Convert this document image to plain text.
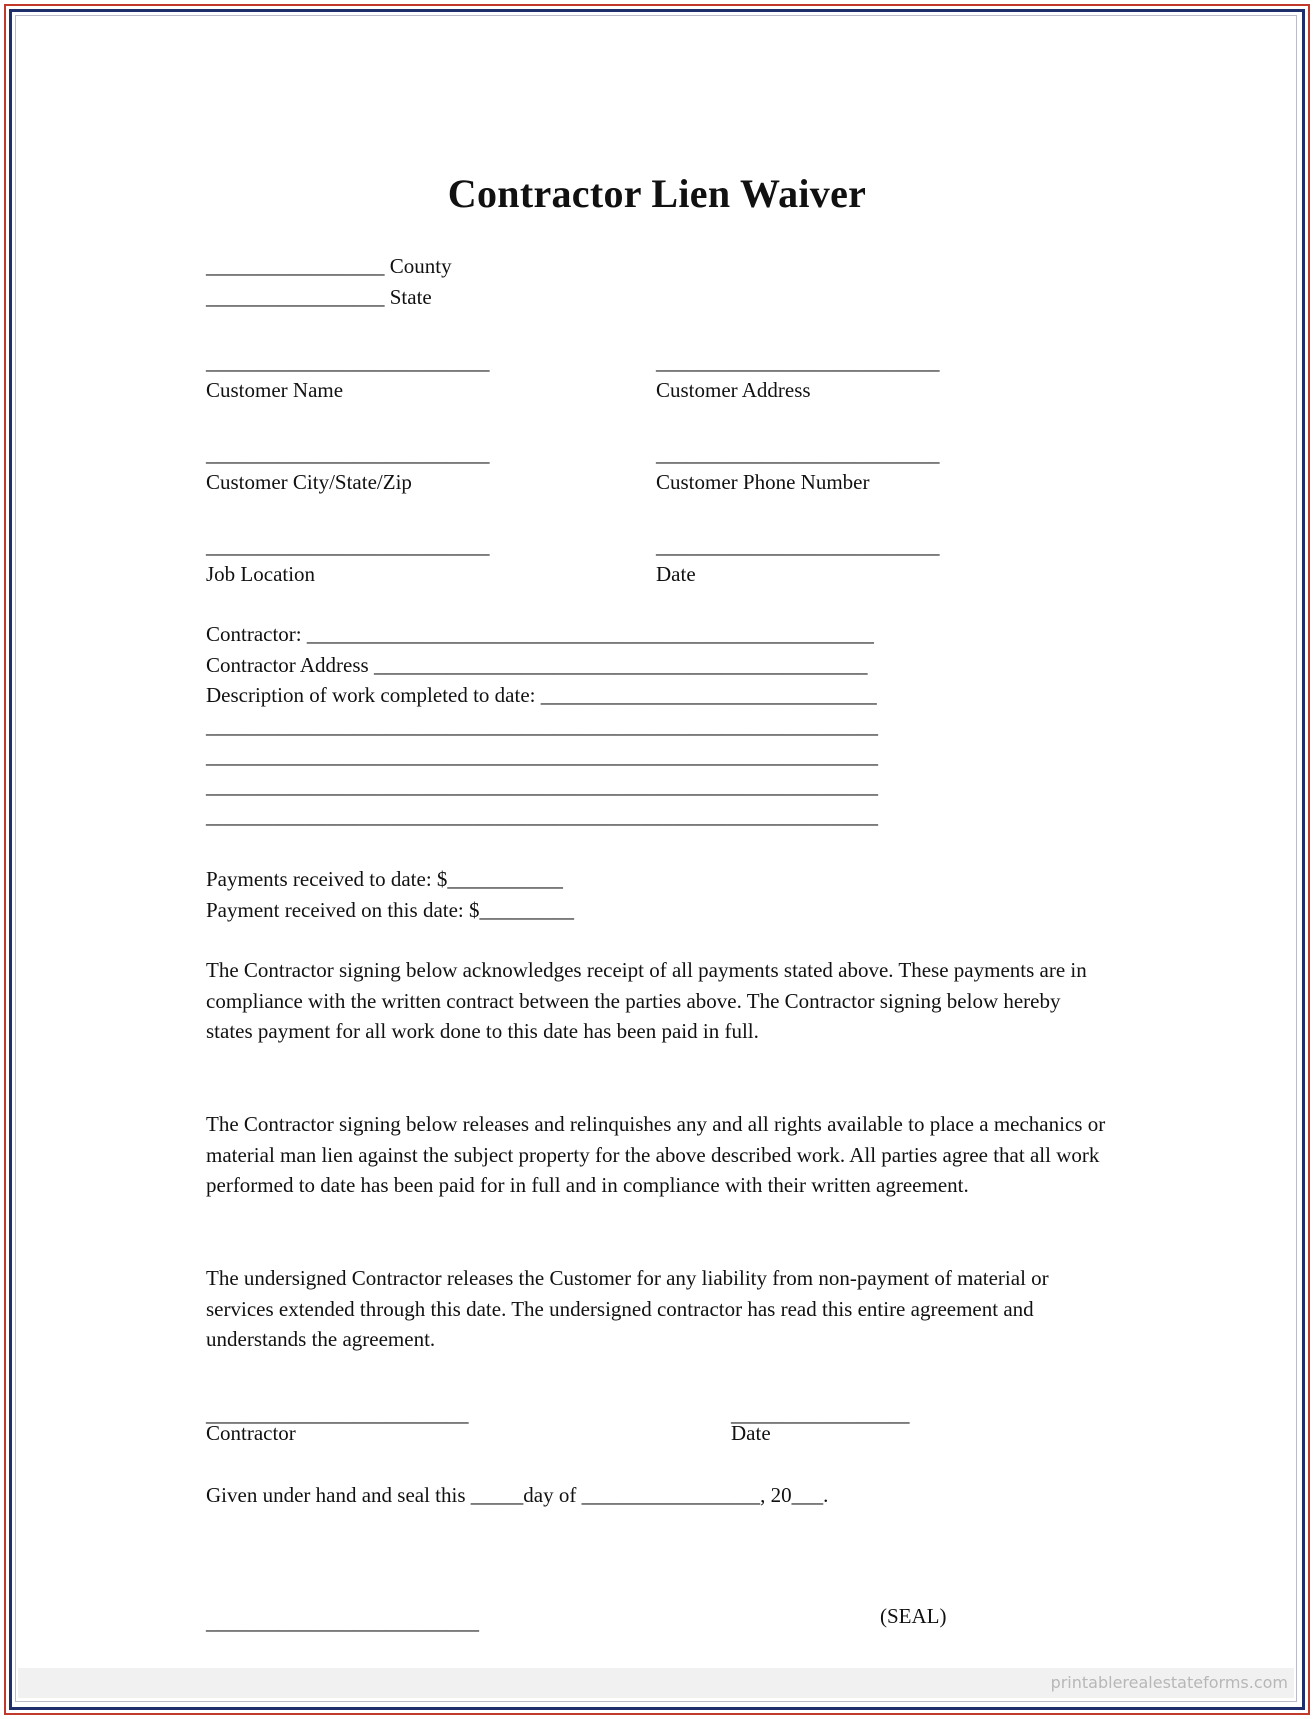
Contractor Lien Waiver
_________________ County
_________________ State
___________________________
Customer Name
___________________________
Customer Address
___________________________
Customer City/State/Zip
___________________________
Customer Phone Number
___________________________
Job Location
___________________________
Date
Contractor: ______________________________________________________
Contractor Address _______________________________________________
Description of work completed to date: ________________________________
________________________________________________________________
________________________________________________________________
________________________________________________________________
________________________________________________________________
Payments received to date: $___________
Payment received on this date: $_________
The Contractor signing below acknowledges receipt of all payments stated above. These payments are in compliance with the written contract between the parties above. The Contractor signing below hereby states payment for all work done to this date has been paid in full.
The Contractor signing below releases and relinquishes any and all rights available to place a mechanics or material man lien against the subject property for the above described work. All parties agree that all work performed to date has been paid for in full and in compliance with their written agreement.
The undersigned Contractor releases the Customer for any liability from non-payment of material or services extended through this date. The undersigned contractor has read this entire agreement and understands the agreement.
_________________________
Contractor
_________________
Date
Given under hand and seal this _____day of _________________, 20___.
__________________________	(SEAL)
printablerealestateforms.com
